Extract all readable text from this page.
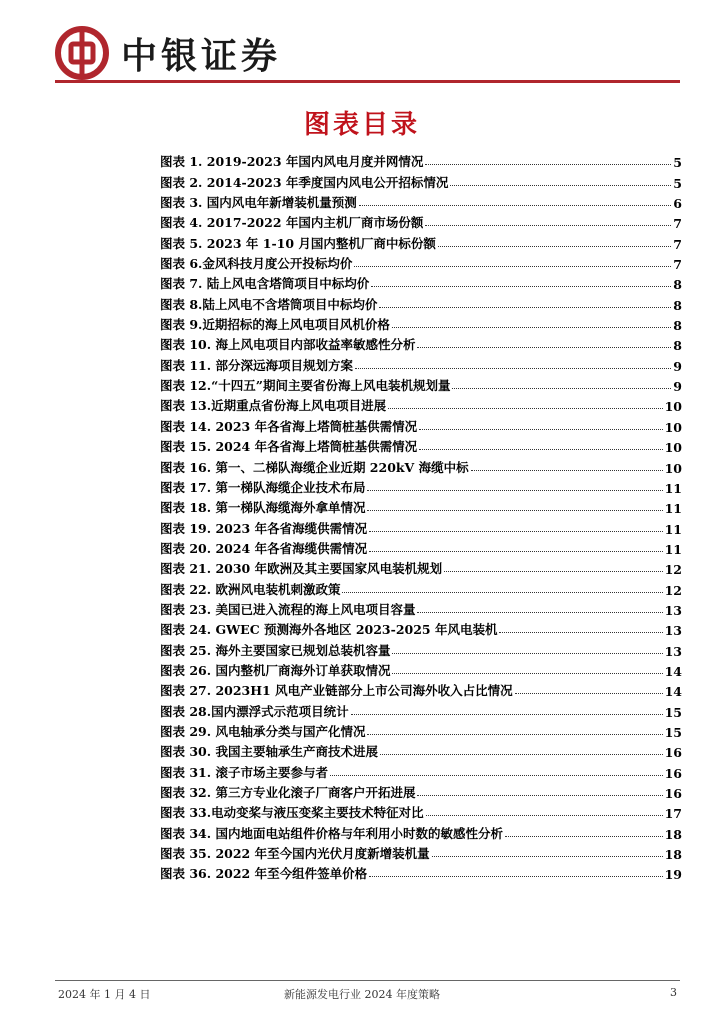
中银证券
图表目录
图表 1. 2019-2023 年国内风电月度并网情况	5
图表 2. 2014-2023 年季度国内风电公开招标情况	5
图表 3. 国内风电年新增装机量预测	6
图表 4. 2017-2022 年国内主机厂商市场份额	7
图表 5. 2023 年 1-10 月国内整机厂商中标份额	7
图表 6.金风科技月度公开投标均价	7
图表 7. 陆上风电含塔筒项目中标均价	8
图表 8.陆上风电不含塔筒项目中标均价	8
图表 9.近期招标的海上风电项目风机价格	8
图表 10. 海上风电项目内部收益率敏感性分析	8
图表 11. 部分深远海项目规划方案	9
图表 12.“十四五”期间主要省份海上风电装机规划量	9
图表 13.近期重点省份海上风电项目进展	10
图表 14. 2023 年各省海上塔筒桩基供需情况	10
图表 15. 2024 年各省海上塔筒桩基供需情况	10
图表 16. 第一、二梯队海缆企业近期 220kV 海缆中标	10
图表 17. 第一梯队海缆企业技术布局	11
图表 18. 第一梯队海缆海外拿单情况	11
图表 19. 2023 年各省海缆供需情况	11
图表 20. 2024 年各省海缆供需情况	11
图表 21. 2030 年欧洲及其主要国家风电装机规划	12
图表 22. 欧洲风电装机刺激政策	12
图表 23. 美国已进入流程的海上风电项目容量	13
图表 24. GWEC 预测海外各地区 2023-2025 年风电装机	13
图表 25. 海外主要国家已规划总装机容量	13
图表 26. 国内整机厂商海外订单获取情况	14
图表 27. 2023H1 风电产业链部分上市公司海外收入占比情况	14
图表 28.国内漂浮式示范项目统计	15
图表 29. 风电轴承分类与国产化情况	15
图表 30. 我国主要轴承生产商技术进展	16
图表 31. 滚子市场主要参与者	16
图表 32. 第三方专业化滚子厂商客户开拓进展	16
图表 33.电动变桨与液压变桨主要技术特征对比	17
图表 34. 国内地面电站组件价格与年利用小时数的敏感性分析	18
图表 35. 2022 年至今国内光伏月度新增装机量	18
图表 36. 2022 年至今组件签单价格	19
2024 年 1 月 4 日	新能源发电行业 2024 年度策略	3
